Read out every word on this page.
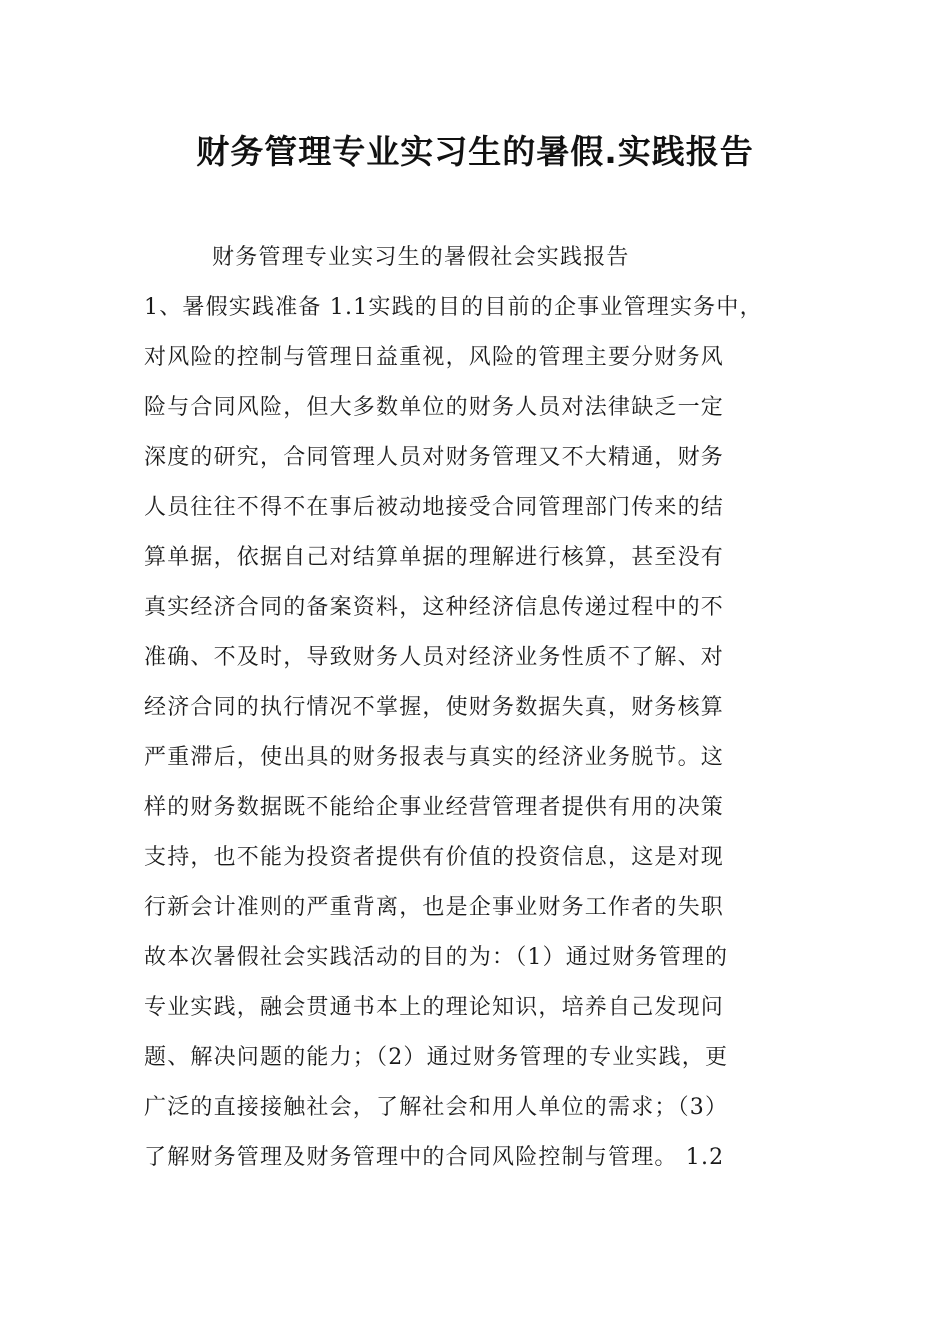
财务管理专业实习生的暑假.实践报告
财务管理专业实习生的暑假社会实践报告
1、暑假实践准备 1.1实践的目的目前的企事业管理实务中，
对风险的控制与管理日益重视，风险的管理主要分财务风
险与合同风险，但大多数单位的财务人员对法律缺乏一定
深度的研究，合同管理人员对财务管理又不大精通，财务
人员往往不得不在事后被动地接受合同管理部门传来的结
算单据，依据自己对结算单据的理解进行核算，甚至没有
真实经济合同的备案资料，这种经济信息传递过程中的不
准确、不及时，导致财务人员对经济业务性质不了解、对
经济合同的执行情况不掌握，使财务数据失真，财务核算
严重滞后，使出具的财务报表与真实的经济业务脱节。这
样的财务数据既不能给企事业经营管理者提供有用的决策
支持，也不能为投资者提供有价值的投资信息，这是对现
行新会计准则的严重背离，也是企事业财务工作者的失职
故本次暑假社会实践活动的目的为：（1）通过财务管理的
专业实践，融会贯通书本上的理论知识，培养自己发现问
题、解决问题的能力；（2）通过财务管理的专业实践，更
广泛的直接接触社会，了解社会和用人单位的需求；（3）
了解财务管理及财务管理中的合同风险控制与管理。 1.2
